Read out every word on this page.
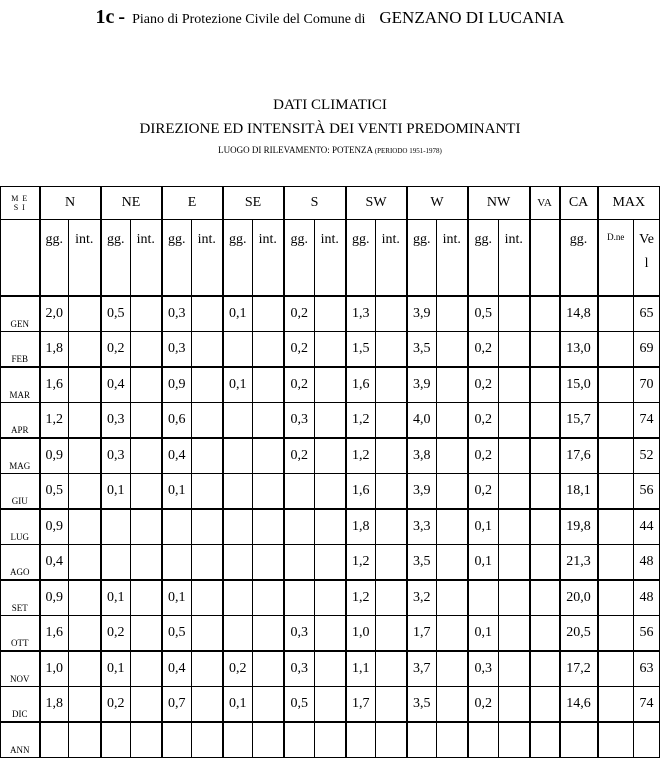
1c - Piano di Protezione Civile del Comune di GENZANO DI LUCANIA
DATI CLIMATICI
DIREZIONE ED INTENSITÀ DEI VENTI PREDOMINANTI
LUOGO DI RILEVAMENTO: POTENZA (PERIODO 1951-1978)
M E
S I	N		NE		E		SE		S		SW		W		NW		VA	CA	MAX	
	gg.	int.	gg.	int.	gg.	int.	gg.	int.	gg.	int.	gg.	int.	gg.	int.	gg.	int.		gg.	D.ne	Ve
l

GEN	2,0		0,5		0,3		0,1		0,2		1,3		3,9		0,5			14,8		65
FEB	1,8		0,2		0,3				0,2		1,5		3,5		0,2			13,0		69
MAR	1,6		0,4		0,9		0,1		0,2		1,6		3,9		0,2			15,0		70
APR	1,2		0,3		0,6				0,3		1,2		4,0		0,2			15,7		74
MAG	0,9		0,3		0,4				0,2		1,2		3,8		0,2			17,6		52
GIU	0,5		0,1		0,1						1,6		3,9		0,2			18,1		56
LUG	0,9										1,8		3,3		0,1			19,8		44
AGO	0,4										1,2		3,5		0,1			21,3		48
SET	0,9		0,1		0,1						1,2		3,2					20,0		48
OTT	1,6		0,2		0,5				0,3		1,0		1,7		0,1			20,5		56
NOV	1,0		0,1		0,4		0,2		0,3		1,1		3,7		0,3			17,2		63
DIC	1,8		0,2		0,7		0,1		0,5		1,7		3,5		0,2			14,6		74
ANN																				
